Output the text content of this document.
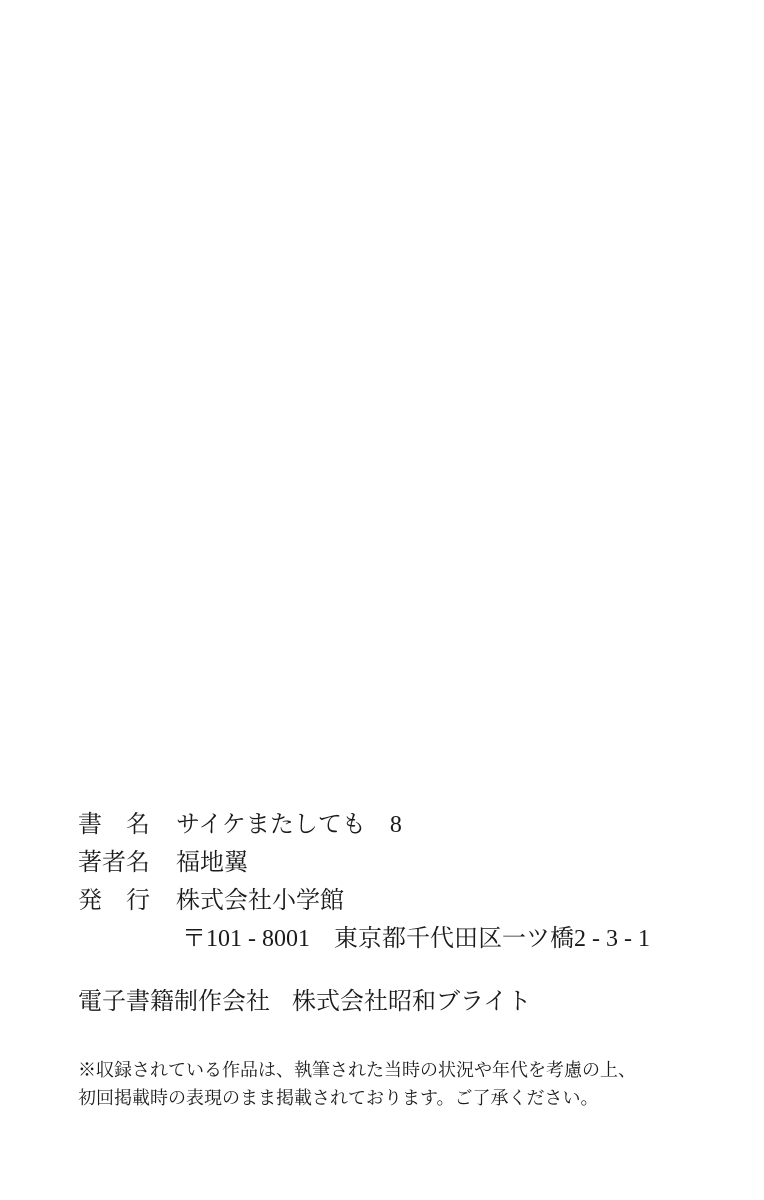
書　名 サイケまたしても　8
著者名 福地翼
発　行 株式会社小学館
〒101 - 8001　東京都千代田区一ツ橋2 - 3 - 1
電子書籍制作会社 株式会社昭和ブライト
※収録されている作品は、執筆された当時の状況や年代を考慮の上、
初回掲載時の表現のまま掲載されております。ご了承ください。
